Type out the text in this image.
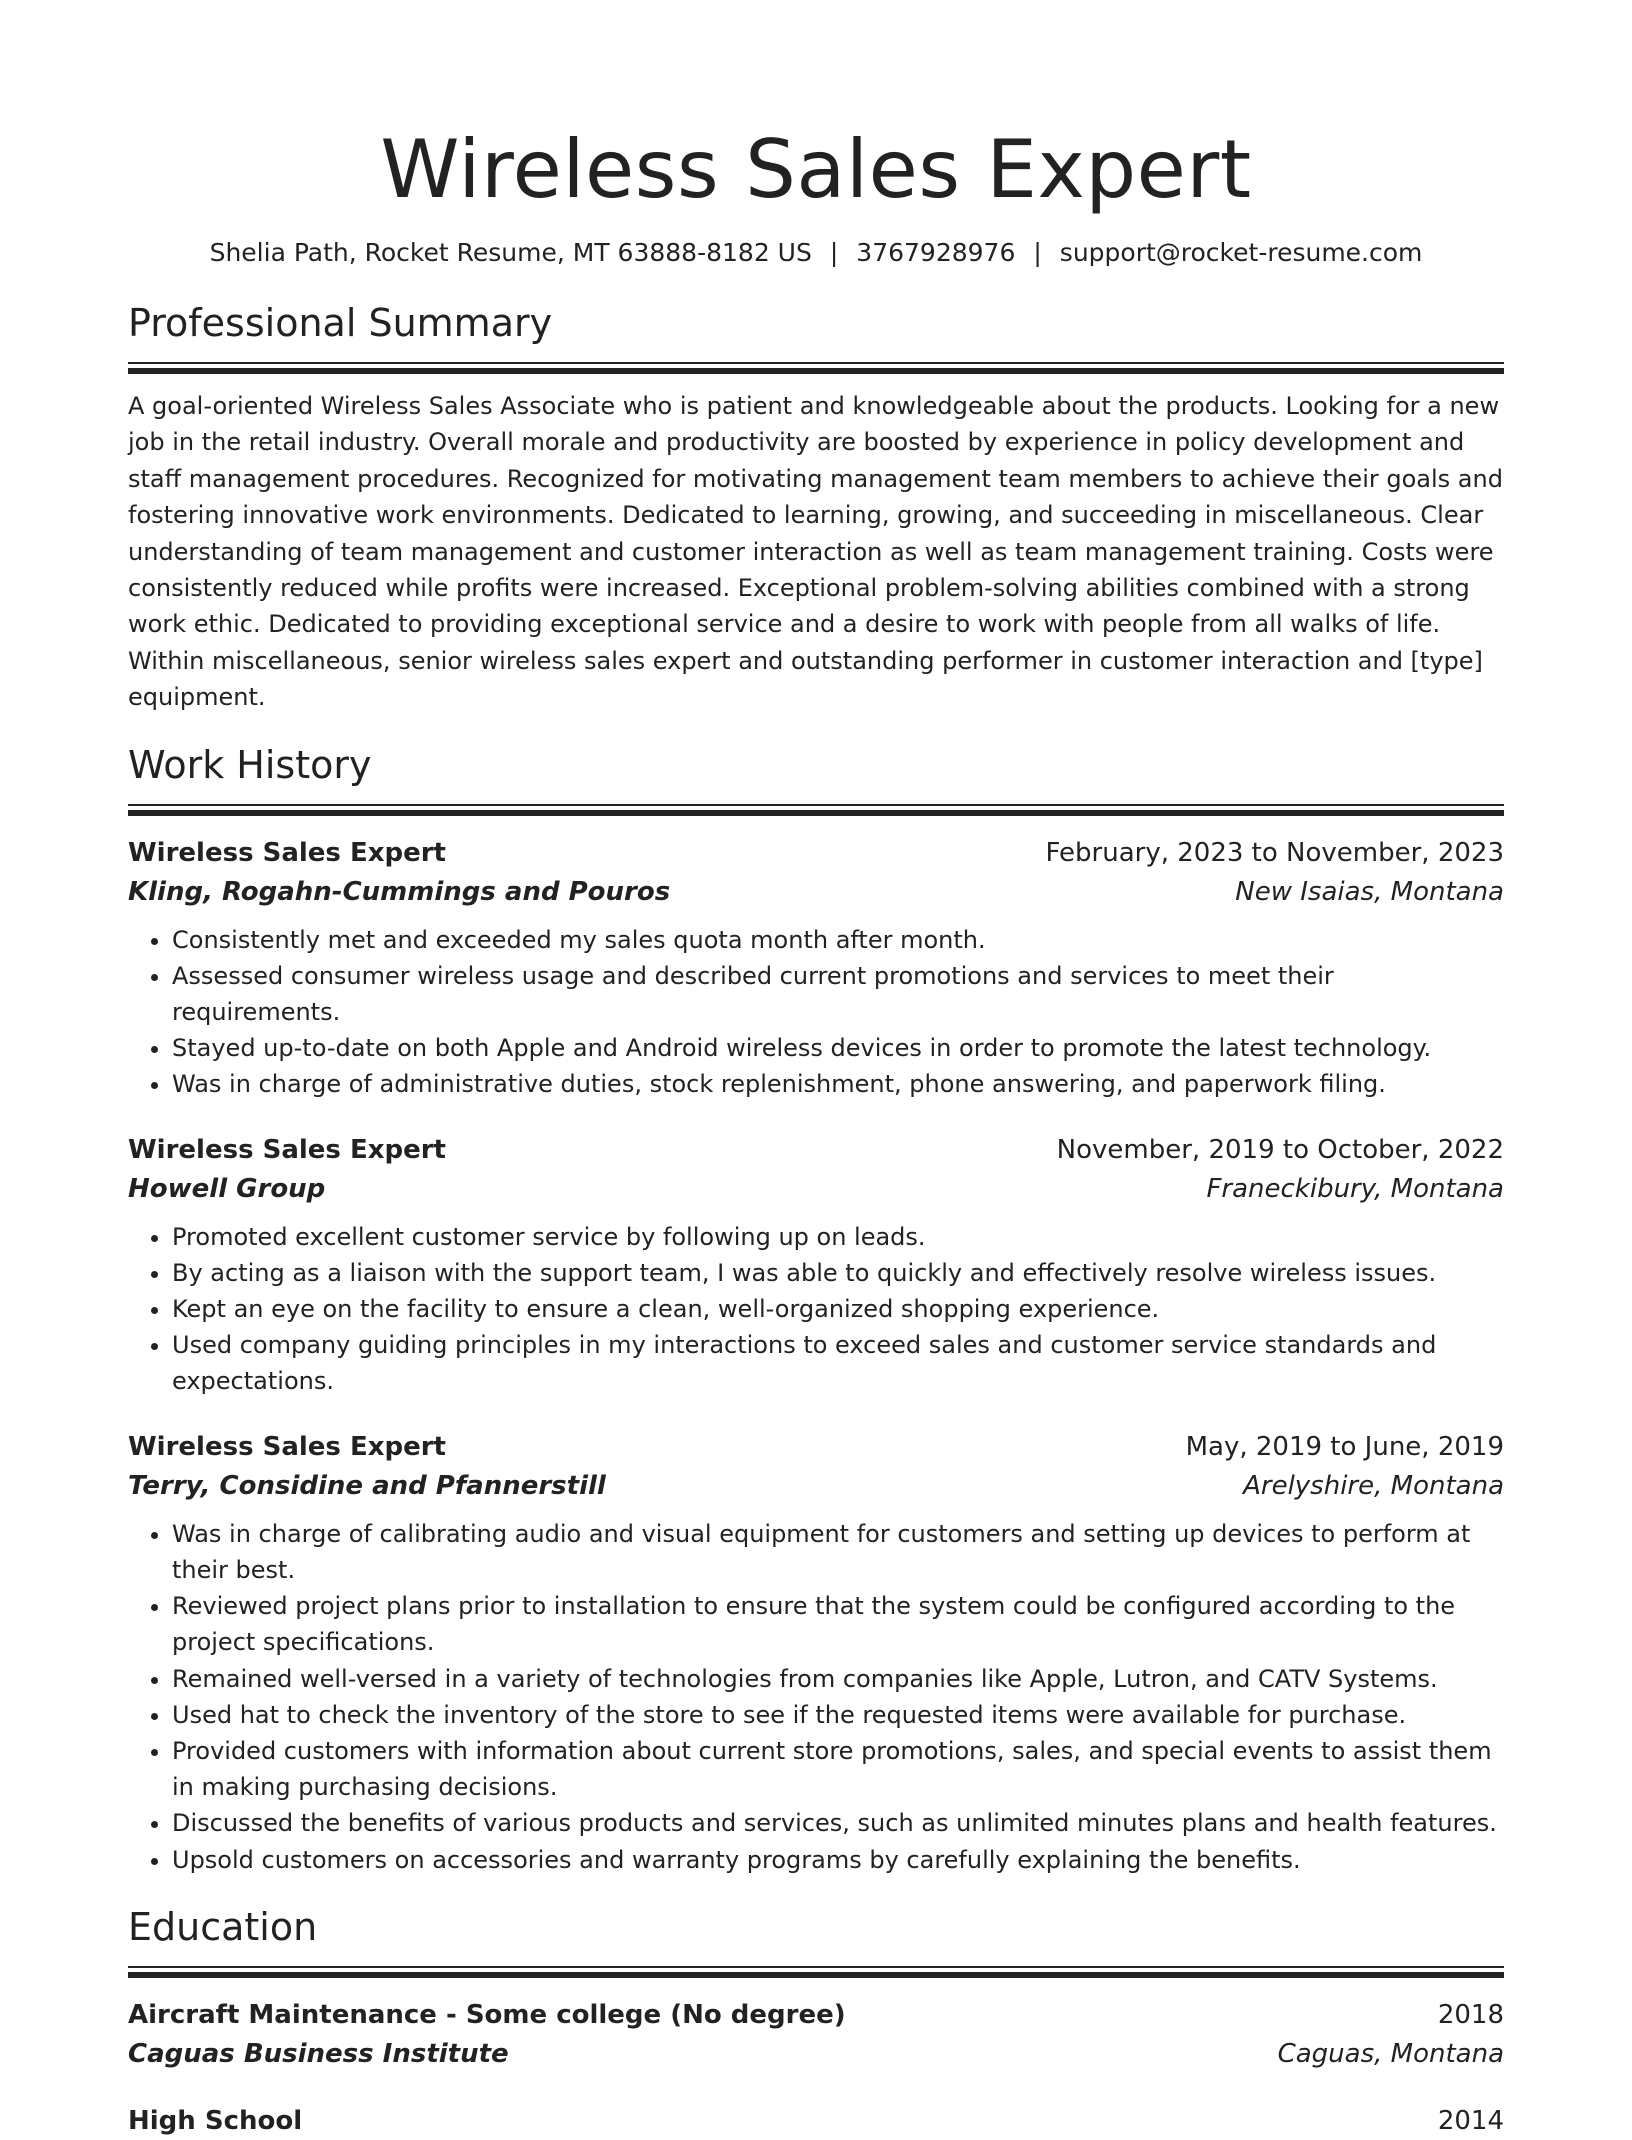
Wireless Sales Expert
Shelia Path, Rocket Resume, MT 63888-8182 US | 3767928976 | support@rocket-resume.com
Professional Summary
A goal-oriented Wireless Sales Associate who is patient and knowledgeable about the products. Looking for a new job in the retail industry. Overall morale and productivity are boosted by experience in policy development and staff management procedures. Recognized for motivating management team members to achieve their goals and fostering innovative work environments. Dedicated to learning, growing, and succeeding in miscellaneous. Clear understanding of team management and customer interaction as well as team management training. Costs were consistently reduced while profits were increased. Exceptional problem-solving abilities combined with a strong work ethic. Dedicated to providing exceptional service and a desire to work with people from all walks of life. Within miscellaneous, senior wireless sales expert and outstanding performer in customer interaction and [type] equipment.
Work History
Wireless Sales Expert	February, 2023 to November, 2023
Kling, Rogahn-Cummings and Pouros	New Isaias, Montana
• Consistently met and exceeded my sales quota month after month.
• Assessed consumer wireless usage and described current promotions and services to meet their requirements.
• Stayed up-to-date on both Apple and Android wireless devices in order to promote the latest technology.
• Was in charge of administrative duties, stock replenishment, phone answering, and paperwork filing.
Wireless Sales Expert	November, 2019 to October, 2022
Howell Group	Franeckibury, Montana
• Promoted excellent customer service by following up on leads.
• By acting as a liaison with the support team, I was able to quickly and effectively resolve wireless issues.
• Kept an eye on the facility to ensure a clean, well-organized shopping experience.
• Used company guiding principles in my interactions to exceed sales and customer service standards and expectations.
Wireless Sales Expert	May, 2019 to June, 2019
Terry, Considine and Pfannerstill	Arelyshire, Montana
• Was in charge of calibrating audio and visual equipment for customers and setting up devices to perform at their best.
• Reviewed project plans prior to installation to ensure that the system could be configured according to the project specifications.
• Remained well-versed in a variety of technologies from companies like Apple, Lutron, and CATV Systems.
• Used hat to check the inventory of the store to see if the requested items were available for purchase.
• Provided customers with information about current store promotions, sales, and special events to assist them in making purchasing decisions.
• Discussed the benefits of various products and services, such as unlimited minutes plans and health features.
• Upsold customers on accessories and warranty programs by carefully explaining the benefits.
Education
Aircraft Maintenance - Some college (No degree)	2018
Caguas Business Institute	Caguas, Montana
High School	2014
